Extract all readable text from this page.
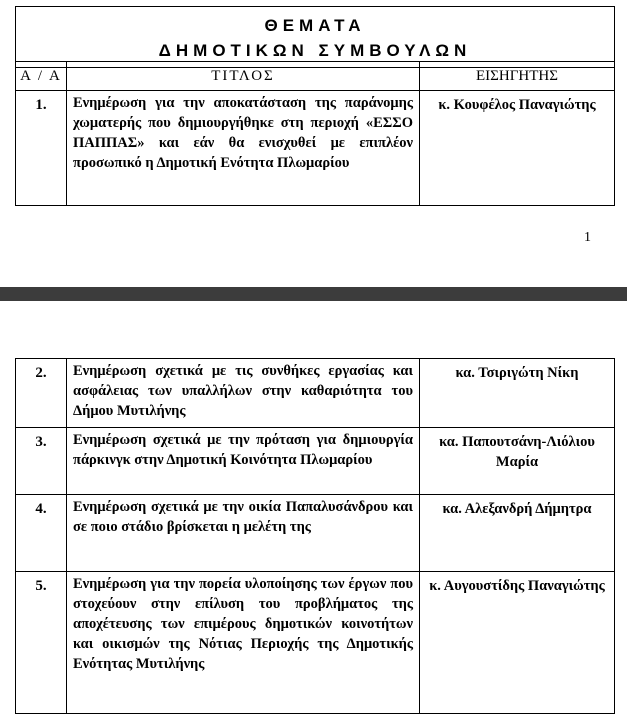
ΘΕΜΑΤΑ
ΔΗΜΟΤΙΚΩΝ ΣΥΜΒΟΥΛΩΝ
Α / Α	ΤΙΤΛΟΣ	ΕΙΣΗΓΗΤΗΣ
1.	Ενημέρωση για την αποκατάσταση της παράνομης χωματερής που δημιουργήθηκε στη περιοχή «ΕΣΣΟ ΠΑΠΠΑΣ» και εάν θα ενισχυθεί με επιπλέον προσωπικό η Δημοτική Ενότητα Πλωμαρίου	κ. Κουφέλος Παναγιώτης
1
2.	Ενημέρωση σχετικά με τις συνθήκες εργασίας και ασφάλειας των υπαλλήλων στην καθαριότητα του Δήμου Μυτιλήνης	κα. Τσιριγώτη Νίκη
3.	Ενημέρωση σχετικά με την πρόταση για δημιουργία πάρκινγκ στην Δημοτική Κοινότητα Πλωμαρίου	κα. Παπουτσάνη-Λιόλιου Μαρία
4.	Ενημέρωση σχετικά με την οικία Παπαλυσάνδρου και σε ποιο στάδιο βρίσκεται η μελέτη της	κα. Αλεξανδρή Δήμητρα
5.	Ενημέρωση για την πορεία υλοποίησης των έργων που στοχεύουν στην επίλυση του προβλήματος της αποχέτευσης των επιμέρους δημοτικών κοινοτήτων και οικισμών της Νότιας Περιοχής της Δημοτικής Ενότητας Μυτιλήνης	κ. Αυγουστίδης Παναγιώτης
